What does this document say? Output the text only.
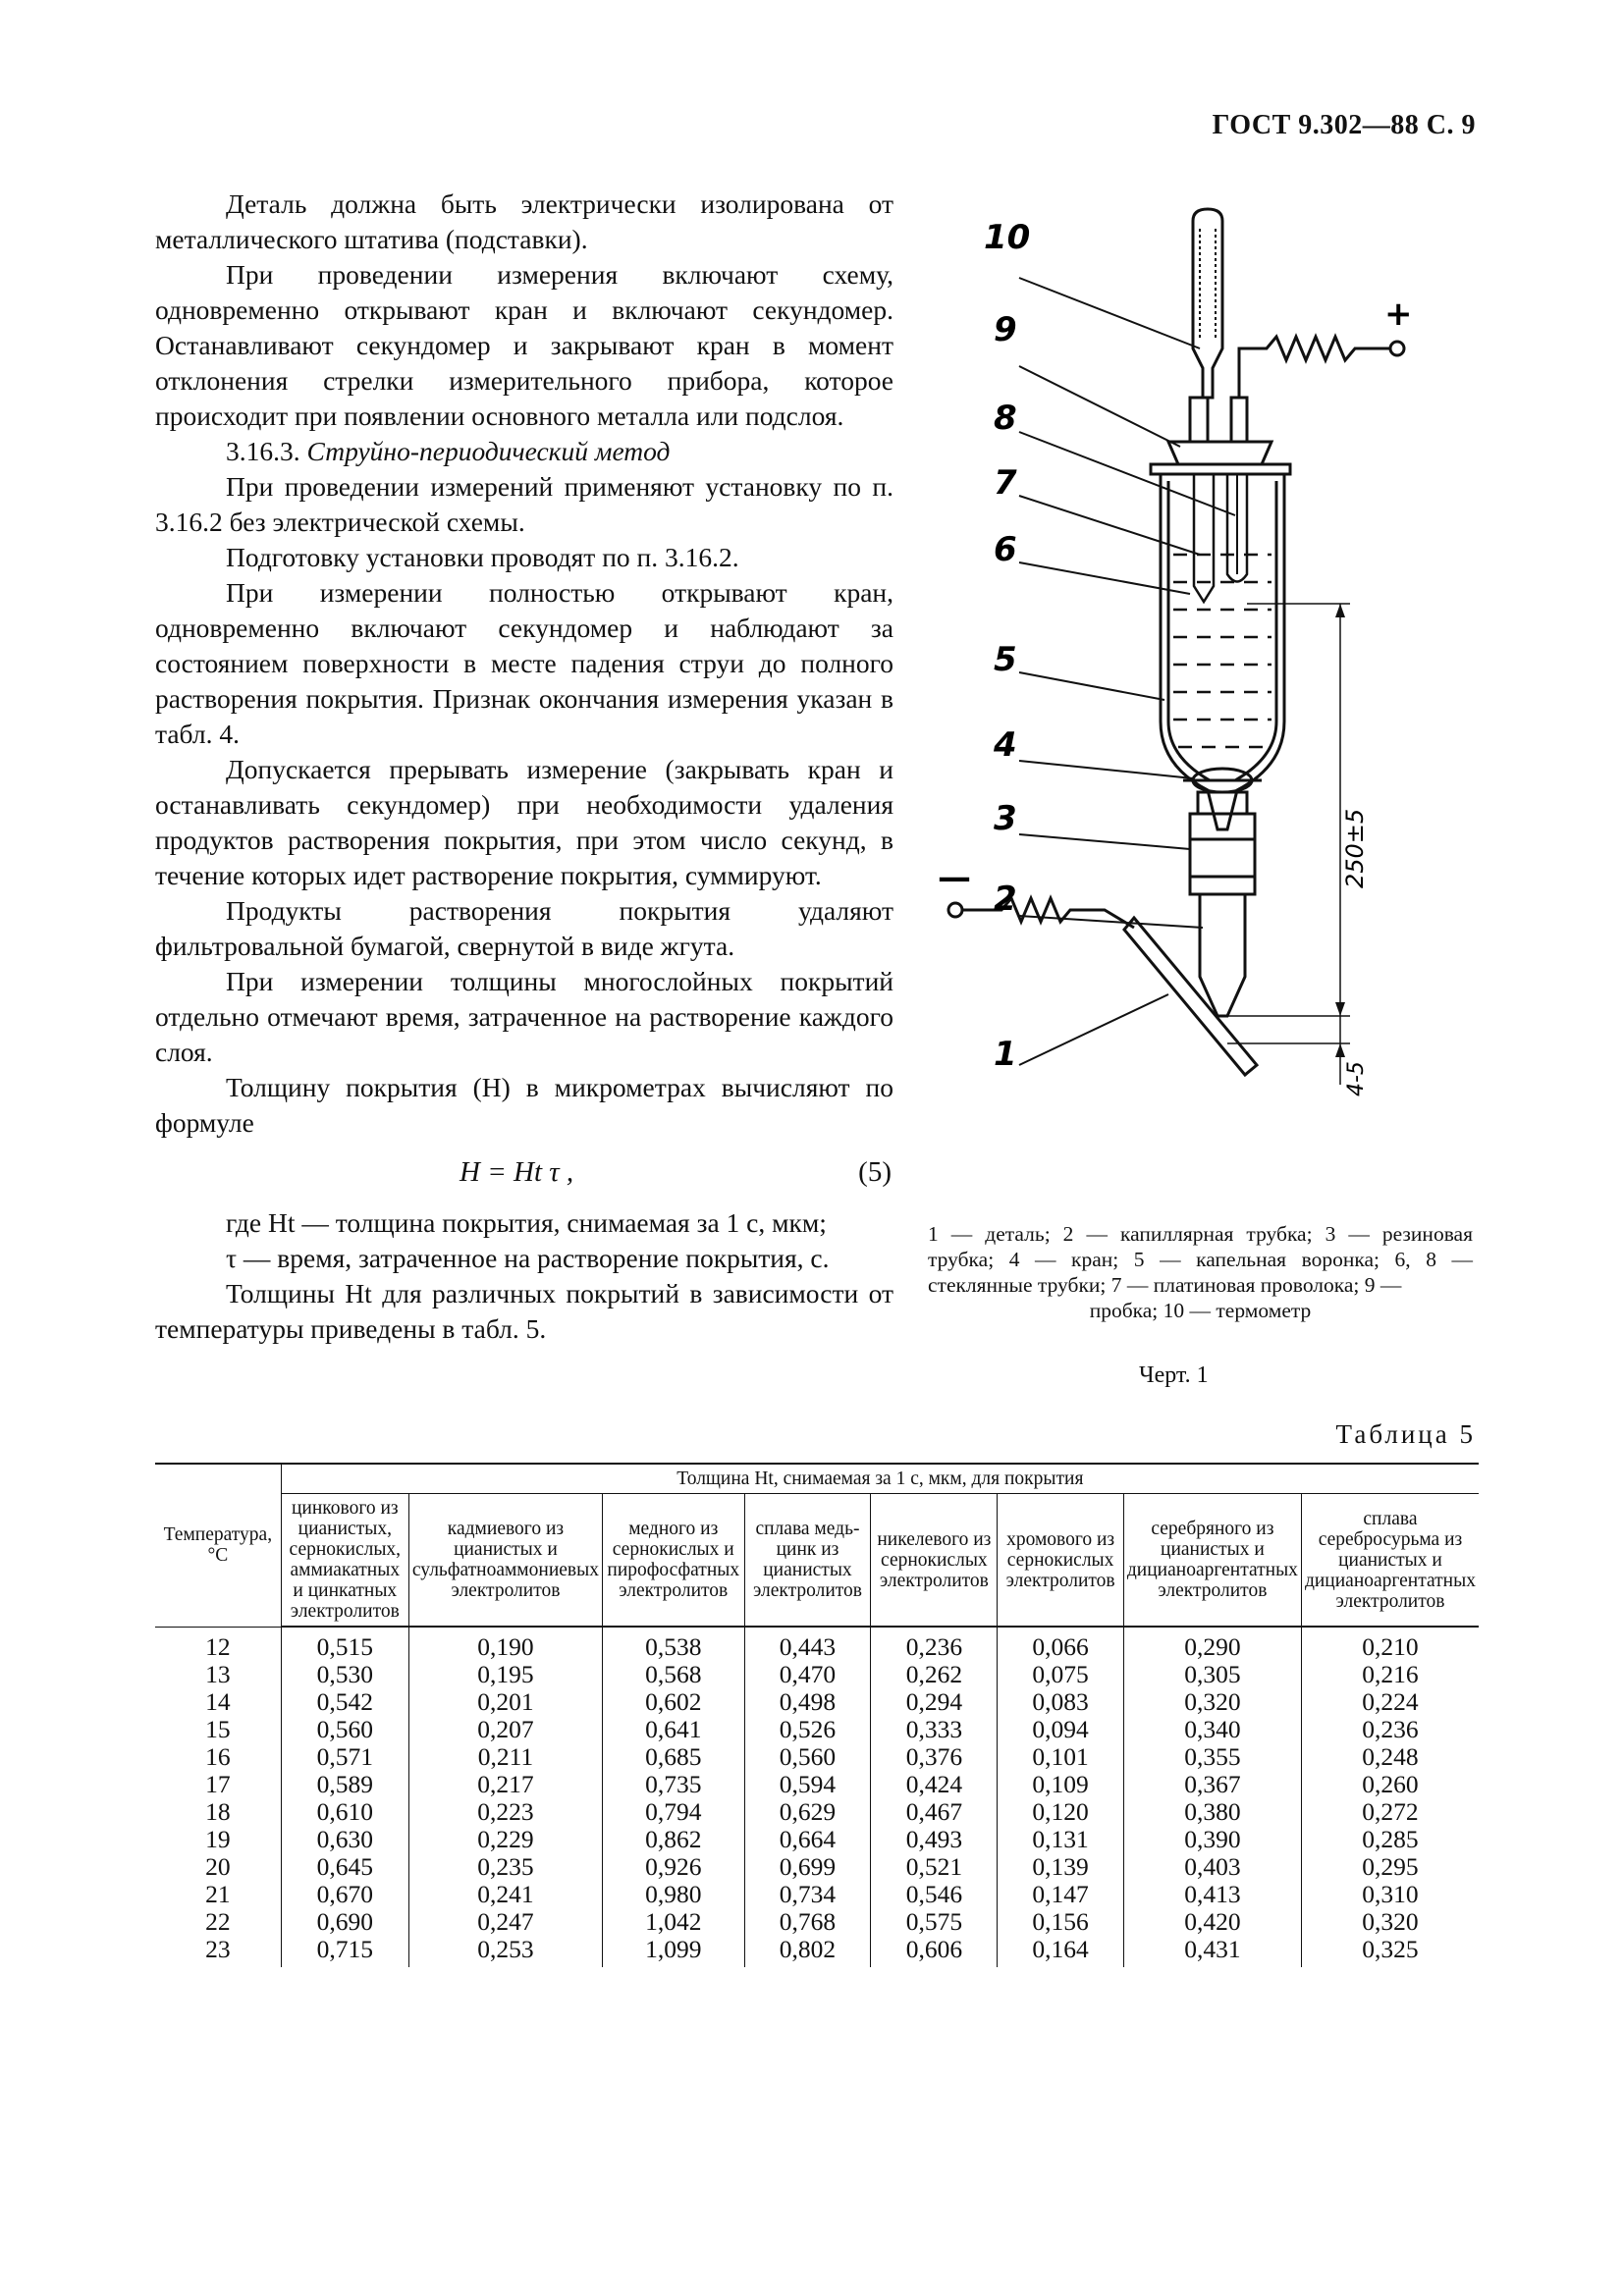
ГОСТ 9.302—88 С. 9

Деталь должна быть электрически изолирована от металлического штатива (подставки).

При проведении измерения включают схему, одновременно открывают кран и включают секундомер. Останавливают секундомер и закрывают кран в момент отклонения стрелки измерительного прибора, которое происходит при появлении основного металла или подслоя.

3.16.3. Струйно-периодический метод

При проведении измерений применяют установку по п. 3.16.2 без электрической схемы.

Подготовку установки проводят по п. 3.16.2.

При измерении полностью открывают кран, одновременно включают секундомер и наблюдают за состоянием поверхности в месте падения струи до полного растворения покрытия. Признак окончания измерения указан в табл. 4.

Допускается прерывать измерение (закрывать кран и останавливать секундомер) при необходимости удаления продуктов растворения покрытия, при этом число секунд, в течение которых идет растворение покрытия, суммируют.

Продукты растворения покрытия удаляют фильтровальной бумагой, свернутой в виде жгута.

При измерении толщины многослойных покрытий отдельно отмечают время, затраченное на растворение каждого слоя.

Толщину покрытия (H) в микрометрах вычисляют по формуле

H = Ht τ ,	(5)

где Ht — толщина покрытия, снимаемая за 1 с, мкм;

τ — время, затраченное на растворение покрытия, с.

Толщины Ht для различных покрытий в зависимости от температуры приведены в табл. 5.

10
9
8
7
6
5
4
3
2
1
+
—	250±5
4-5
1 — деталь; 2 — капиллярная трубка; 3 — резиновая трубка; 4 — кран; 5 — капельная воронка; 6, 8 — стеклянные трубки; 7 — платиновая проволока; 9 —
пробка; 10 — термометр
Черт. 1
Таблица 5
Температура, °С	Толщина Ht, снимаемая за 1 с, мкм, для покрытия							
	цинкового из цианистых, сернокислых, аммиакатных и цинкатных электролитов	кадмиевого из цианистых и сульфатноаммониевых электролитов	медного из сернокислых и пирофосфатных электролитов	сплава медь-цинк из цианистых электролитов	никелевого из сернокислых электролитов	хромового из сернокислых электролитов	серебряного из цианистых и дицианоаргентатных электролитов	сплава серебросурьма из цианистых и дицианоаргентатных электролитов
12	0,515	0,190	0,538	0,443	0,236	0,066	0,290	0,210
13	0,530	0,195	0,568	0,470	0,262	0,075	0,305	0,216
14	0,542	0,201	0,602	0,498	0,294	0,083	0,320	0,224
15	0,560	0,207	0,641	0,526	0,333	0,094	0,340	0,236
16	0,571	0,211	0,685	0,560	0,376	0,101	0,355	0,248
17	0,589	0,217	0,735	0,594	0,424	0,109	0,367	0,260
18	0,610	0,223	0,794	0,629	0,467	0,120	0,380	0,272
19	0,630	0,229	0,862	0,664	0,493	0,131	0,390	0,285
20	0,645	0,235	0,926	0,699	0,521	0,139	0,403	0,295
21	0,670	0,241	0,980	0,734	0,546	0,147	0,413	0,310
22	0,690	0,247	1,042	0,768	0,575	0,156	0,420	0,320
23	0,715	0,253	1,099	0,802	0,606	0,164	0,431	0,325
